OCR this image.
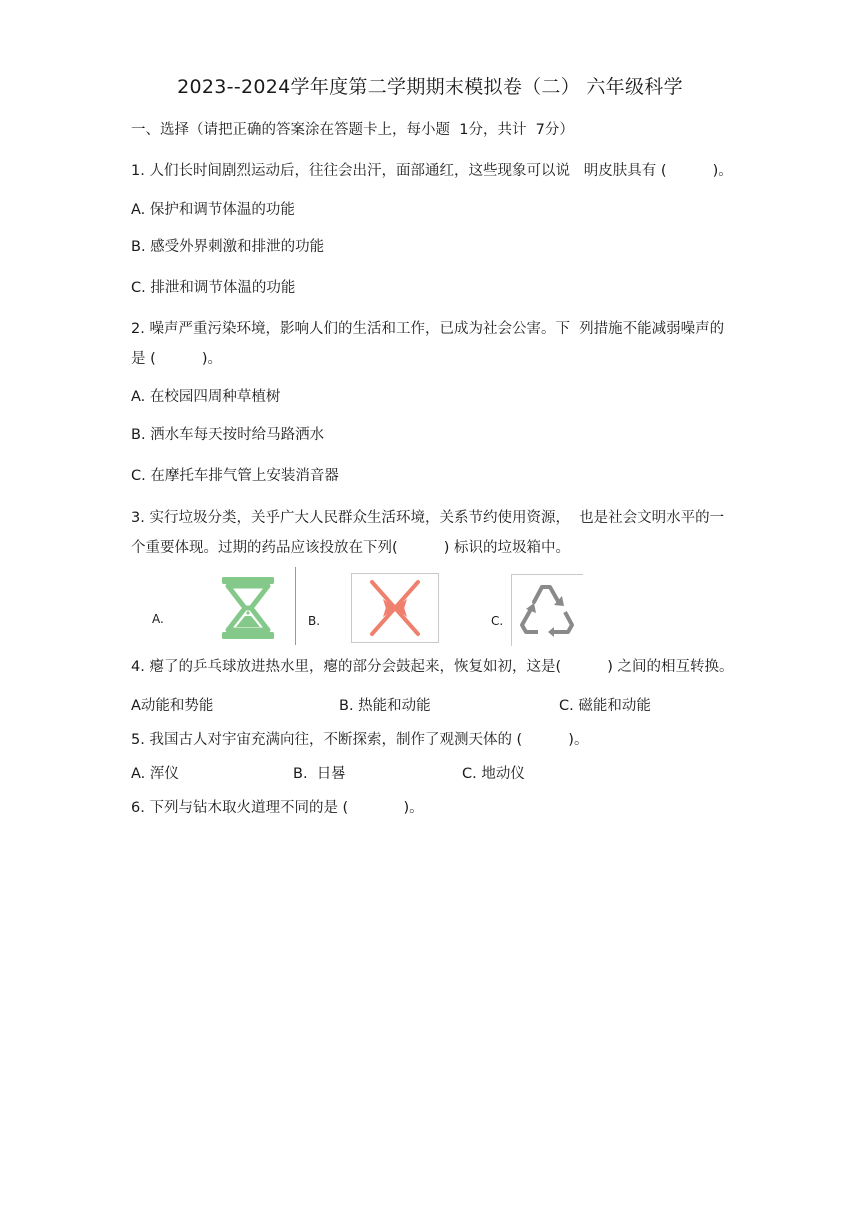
2023--2024学年度第二学期期末模拟卷（二） 六年级科学
一、选择（请把正确的答案涂在答题卡上，每小题  1分，共计  7分）
1. 人们长时间剧烈运动后，往往会出汗，面部通红，这些现象可以说   明皮肤具有 (          )。
A. 保护和调节体温的功能
B. 感受外界刺激和排泄的功能
C. 排泄和调节体温的功能
2. 噪声严重污染环境，影响人们的生活和工作，已成为社会公害。下  列措施不能减弱噪声的
是 (          )。
A. 在校园四周种草植树
B. 洒水车每天按时给马路洒水
C. 在摩托车排气管上安装消音器
3. 实行垃圾分类，关乎广大人民群众生活环境，关系节约使用资源，  也是社会文明水平的一
个重要体现。过期的药品应该投放在下列(          ) 标识的垃圾箱中。
A.	B.	C.
4. 瘪了的乒乓球放进热水里，瘪的部分会鼓起来，恢复如初，这是(          ) 之间的相互转换。
A动能和势能	B. 热能和动能	C. 磁能和动能
5. 我国古人对宇宙充满向往，不断探索，制作了观测天体的 (          )。
A. 浑仪	B.  日晷	C. 地动仪
6. 下列与钻木取火道理不同的是 (            )。
